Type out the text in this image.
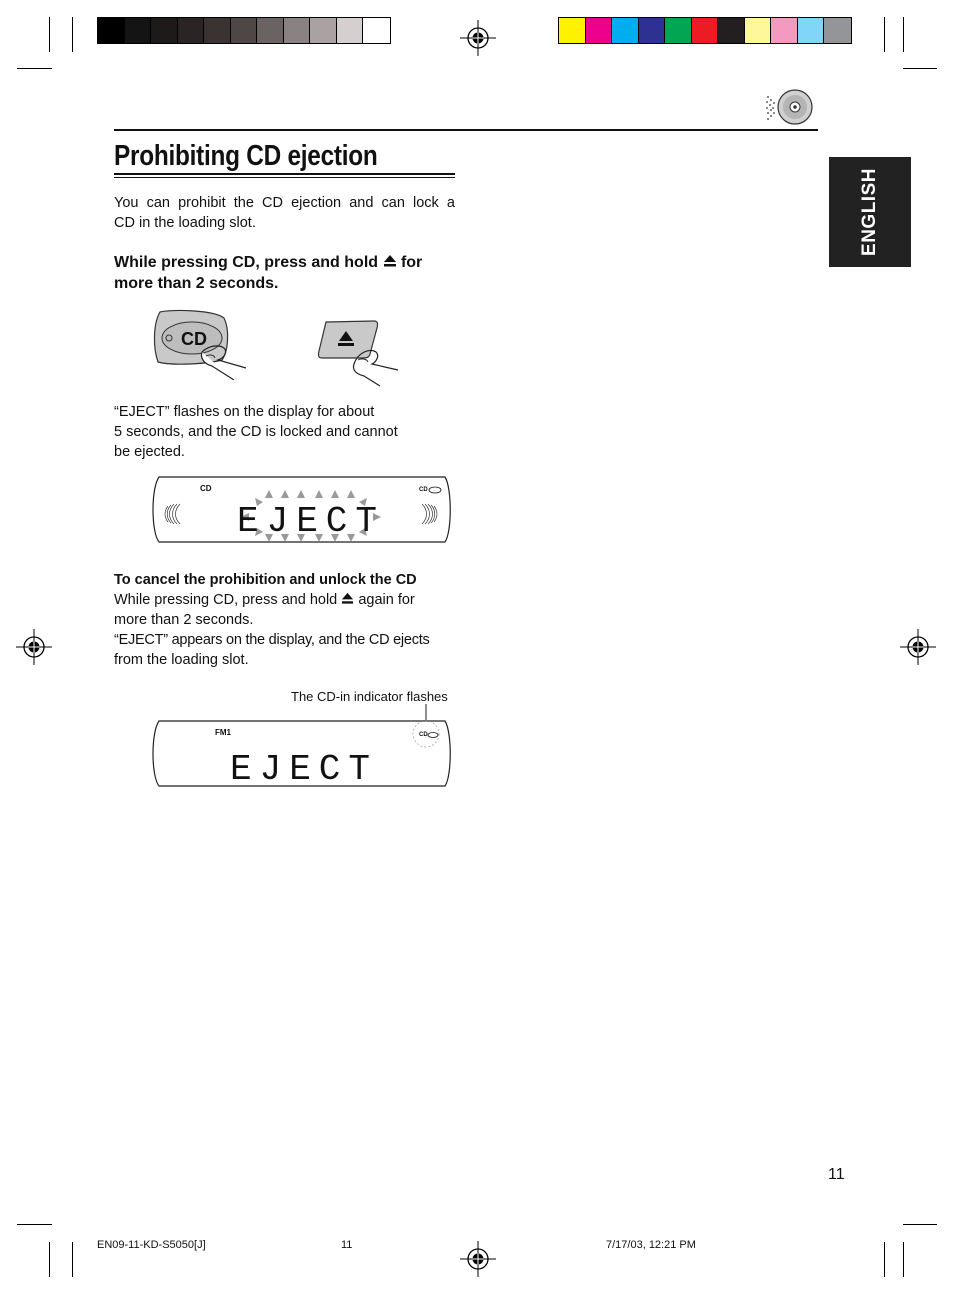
Prohibiting CD ejection
ENGLISH
You can prohibit the CD ejection and can lock a
CD in the loading slot.
While pressing CD, press and hold for
more than 2 seconds.
CD
“EJECT” flashes on the display for about
5 seconds, and the CD is locked and cannot
be ejected.
CD	CD
EJECT
To cancel the prohibition and unlock the CD
While pressing CD, press and hold again for
more than 2 seconds.
“EJECT” appears on the display, and the CD ejects
from the loading slot.
The CD-in indicator flashes
FM1	CD
EJECT
11
EN09-11-KD-S5050[J]	11	7/17/03, 12:21 PM
